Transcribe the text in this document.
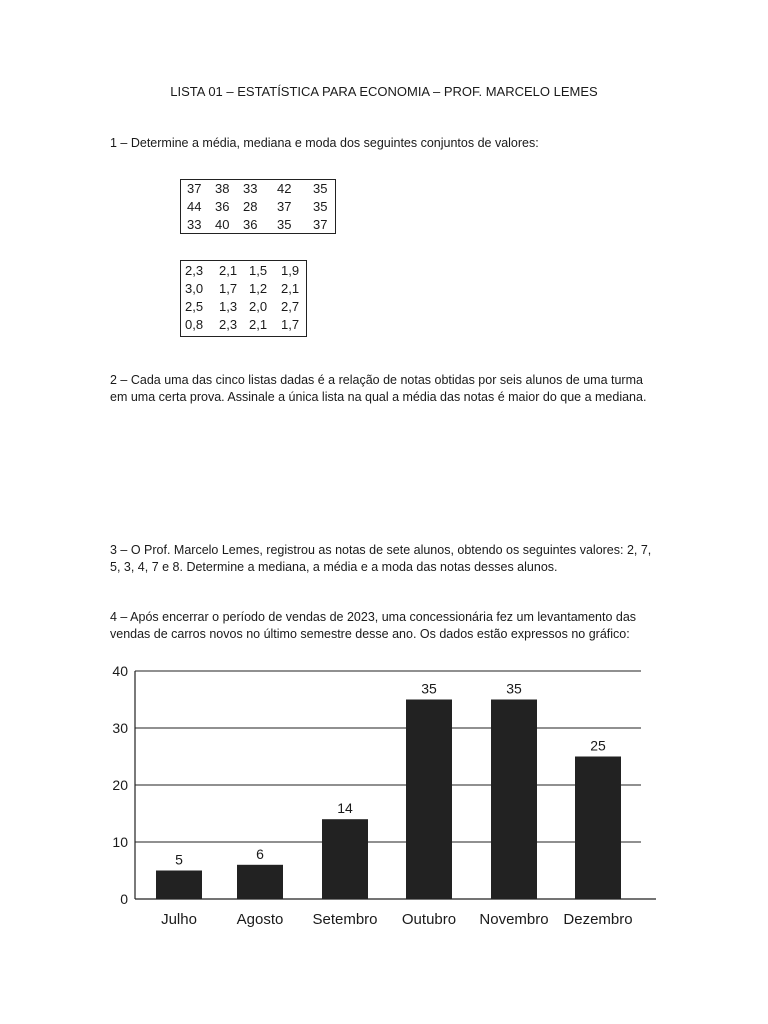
LISTA 01 – ESTATÍSTICA PARA ECONOMIA – PROF. MARCELO LEMES
1 – Determine a média, mediana e moda dos seguintes conjuntos de valores:
37 38 33 42 35
44 36 28 37 35
33 40 36 35 37
2,3 2,1 1,5 1,9
3,0 1,7 1,2 2,1
2,5 1,3 2,0 2,7
0,8 2,3 2,1 1,7
2 – Cada uma das cinco listas dadas é a relação de notas obtidas por seis alunos de uma turma em uma certa prova. Assinale a única lista na qual a média das notas é maior do que a mediana.
3 – O Prof. Marcelo Lemes, registrou as notas de sete alunos, obtendo os seguintes valores: 2, 7, 5, 3, 4, 7 e 8. Determine a mediana, a média e a moda das notas desses alunos.
4 – Após encerrar o período de vendas de 2023, uma concessionária fez um levantamento das vendas de carros novos no último semestre desse ano. Os dados estão expressos no gráfico:
0
10
20
30
40
5
Julho
6
Agosto
14
Setembro
35
Outubro
35
Novembro
25
Dezembro
